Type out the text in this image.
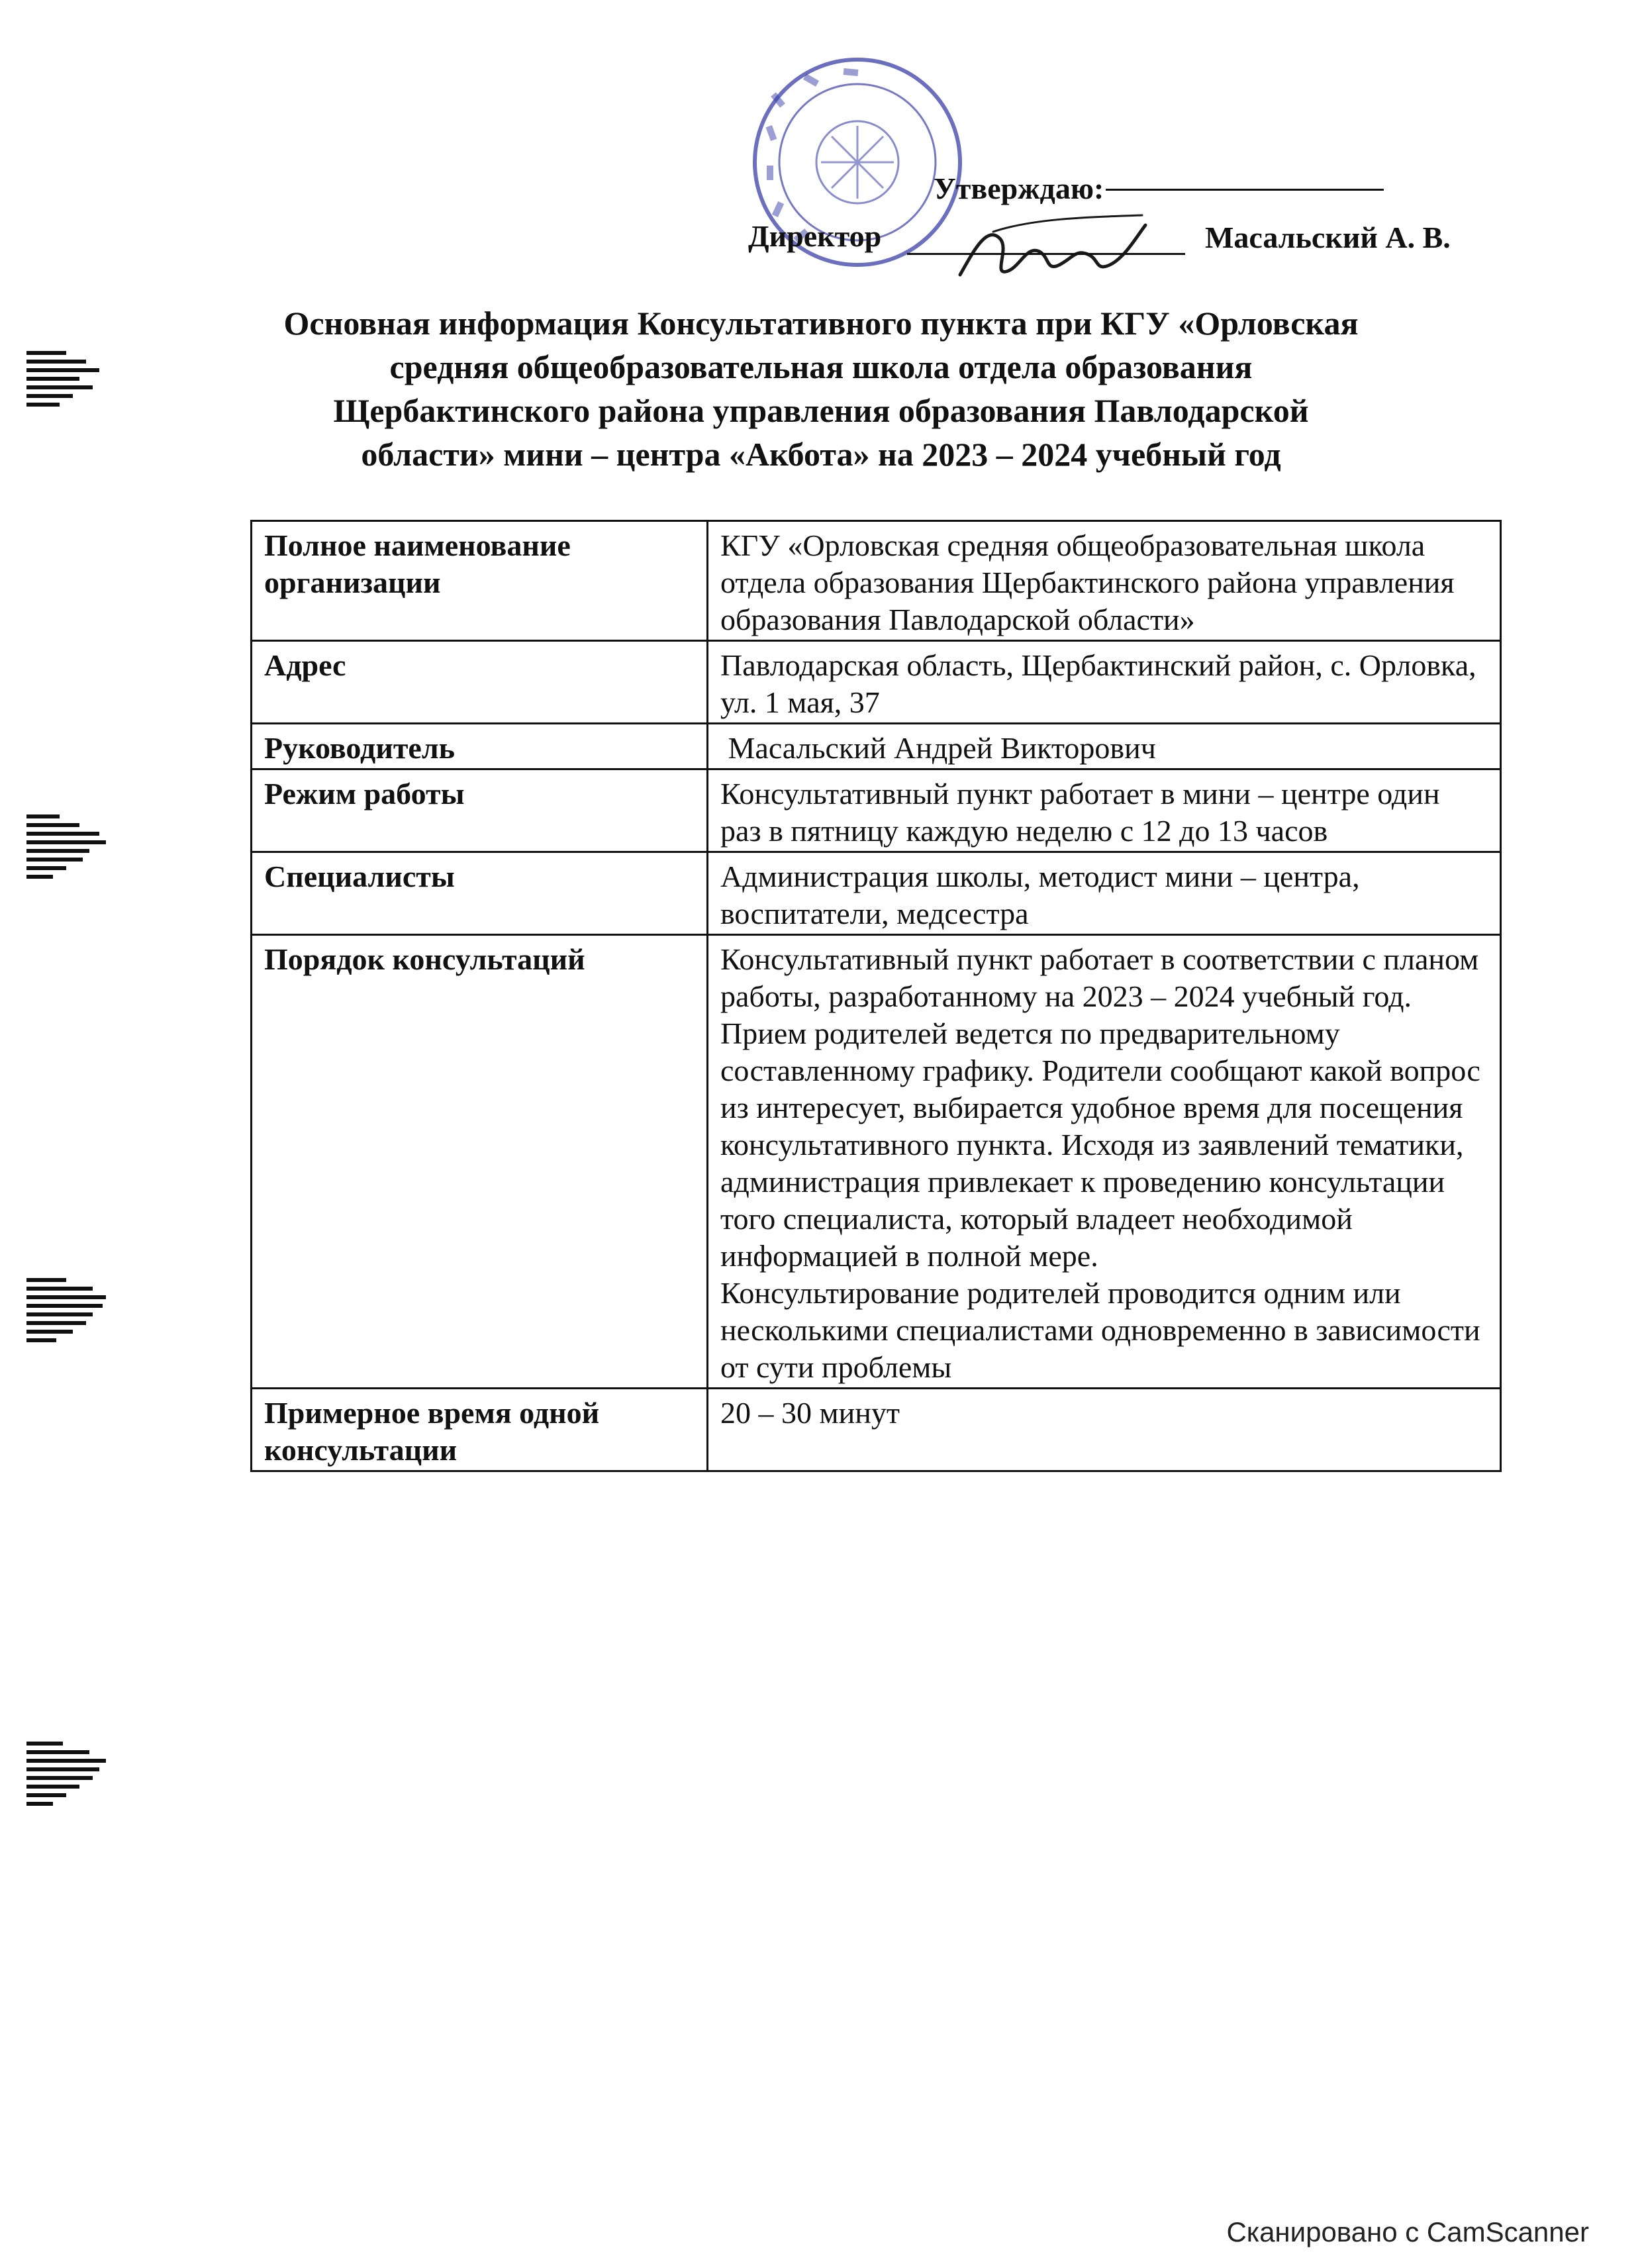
Утверждаю:
Директор	Масальский А. В.
Основная информация Консультативного пункта при КГУ «Орловская
средняя общеобразовательная школа отдела образования
Щербактинского района управления образования Павлодарской
области» мини – центра «Акбота» на 2023 – 2024 учебный год
Полное наименование организации	КГУ «Орловская средняя общеобразовательная школа отдела образования Щербактинского района управления образования Павлодарской области»

Адрес	Павлодарская область, Щербактинский район, с. Орловка, ул. 1 мая, 37

Руководитель	Масальский Андрей Викторович

Режим работы	Консультативный пункт работает в мини – центре один раз в пятницу каждую неделю с 12 до 13 часов

Специалисты	Администрация школы, методист мини – центра, воспитатели, медсестра

Порядок консультаций	Консультативный пункт работает в соответствии с планом работы, разработанному на 2023 – 2024 учебный год.
Прием родителей ведется по предварительному составленному графику. Родители сообщают какой вопрос из интересует, выбирается удобное время для посещения консультативного пункта. Исходя из заявлений тематики, администрация привлекает к проведению консультации того специалиста, который владеет необходимой информацией в полной мере.
Консультирование родителей проводится одним или несколькими специалистами одновременно в зависимости от сути проблемы

Примерное время одной консультации	20 – 30 минут
Сканировано с CamScanner
